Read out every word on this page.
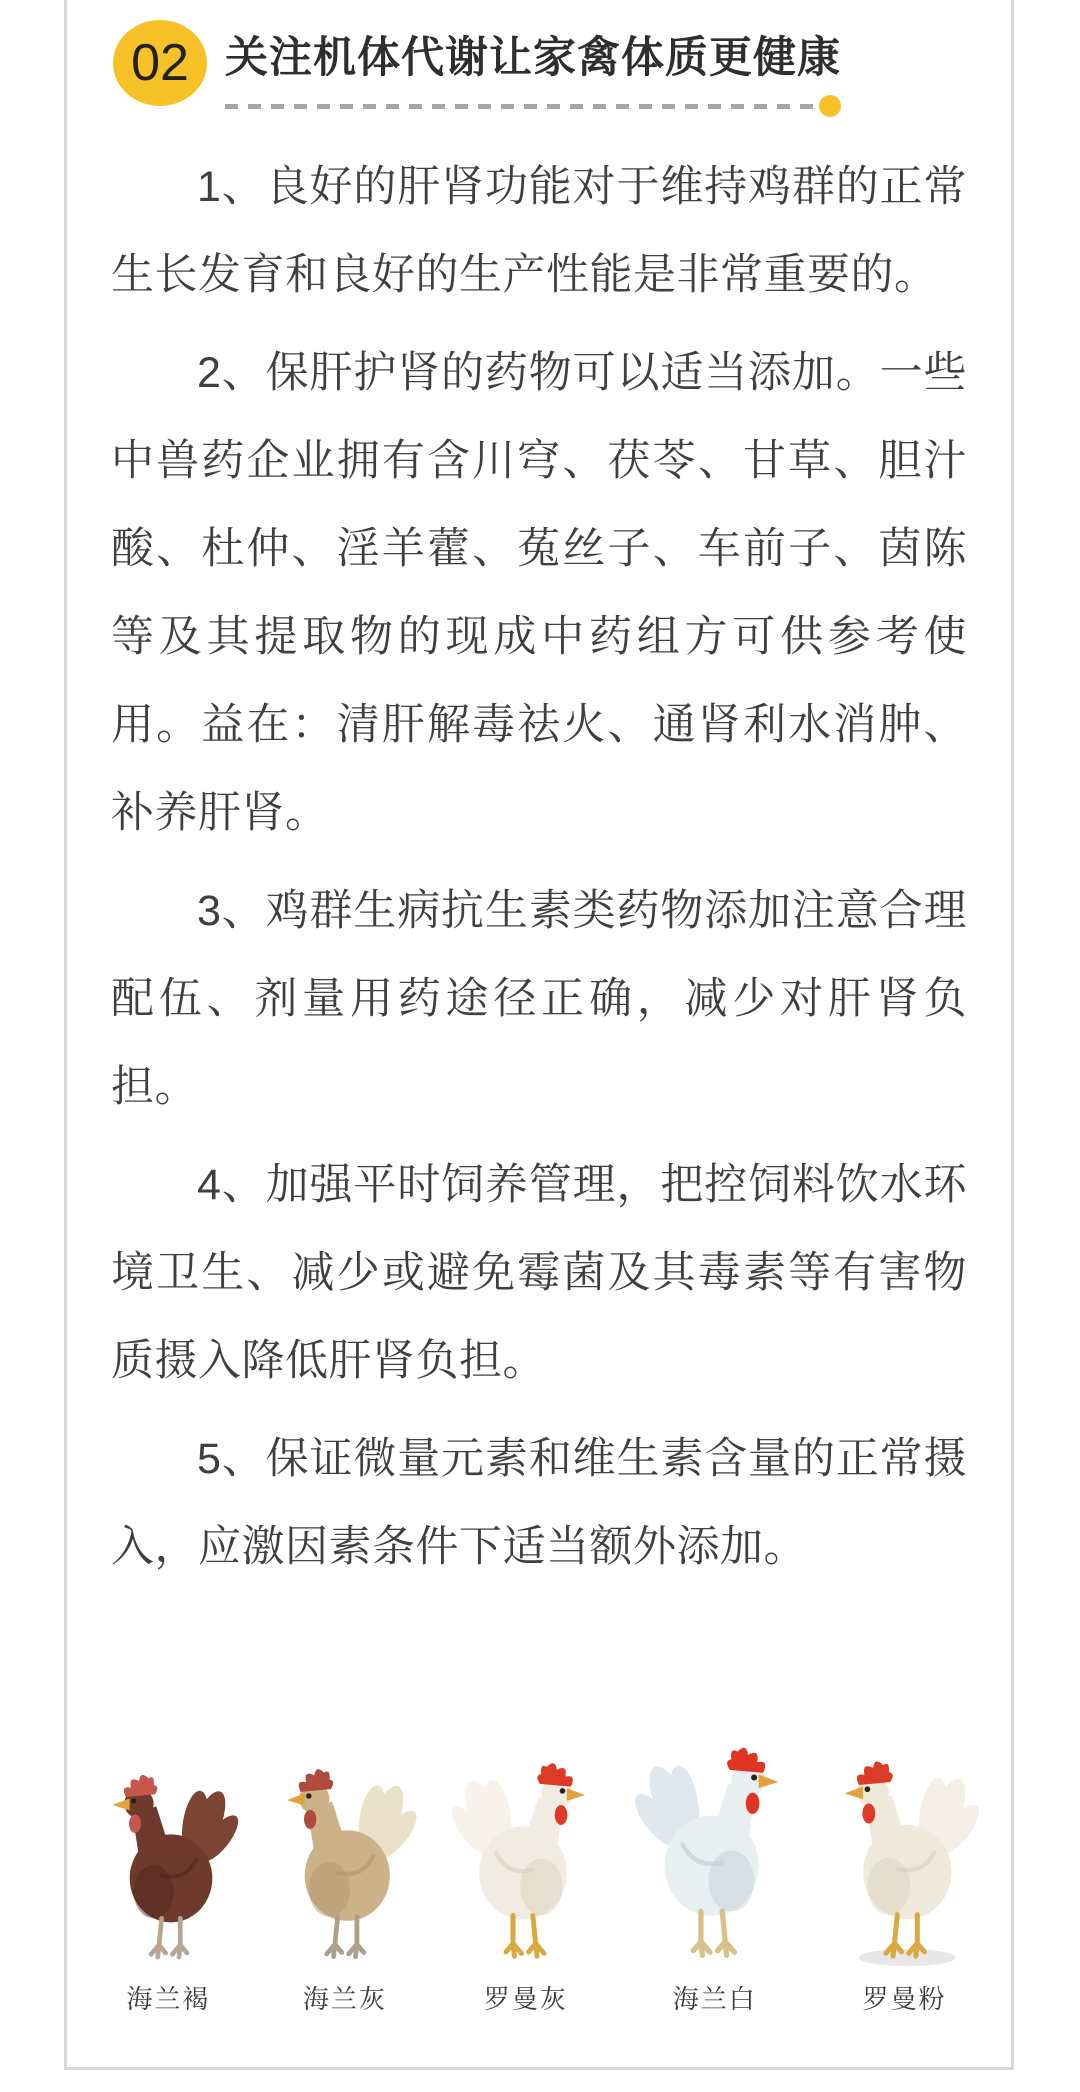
02 关注机体代谢让家禽体质更健康

1、良好的肝肾功能对于维持鸡群的正常生长发育和良好的生产性能是非常重要的。

2、保肝护肾的药物可以适当添加。一些中兽药企业拥有含川穹、茯苓、甘草、胆汁酸、杜仲、淫羊藿、菟丝子、车前子、茵陈等及其提取物的现成中药组方可供参考使用。益在：清肝解毒祛火、通肾利水消肿、补养肝肾。

3、鸡群生病抗生素类药物添加注意合理配伍、剂量用药途径正确，减少对肝肾负担。

4、加强平时饲养管理，把控饲料饮水环境卫生、减少或避免霉菌及其毒素等有害物质摄入降低肝肾负担。

5、保证微量元素和维生素含量的正常摄入，应激因素条件下适当额外添加。

海兰褐	海兰灰	罗曼灰	海兰白	罗曼粉
